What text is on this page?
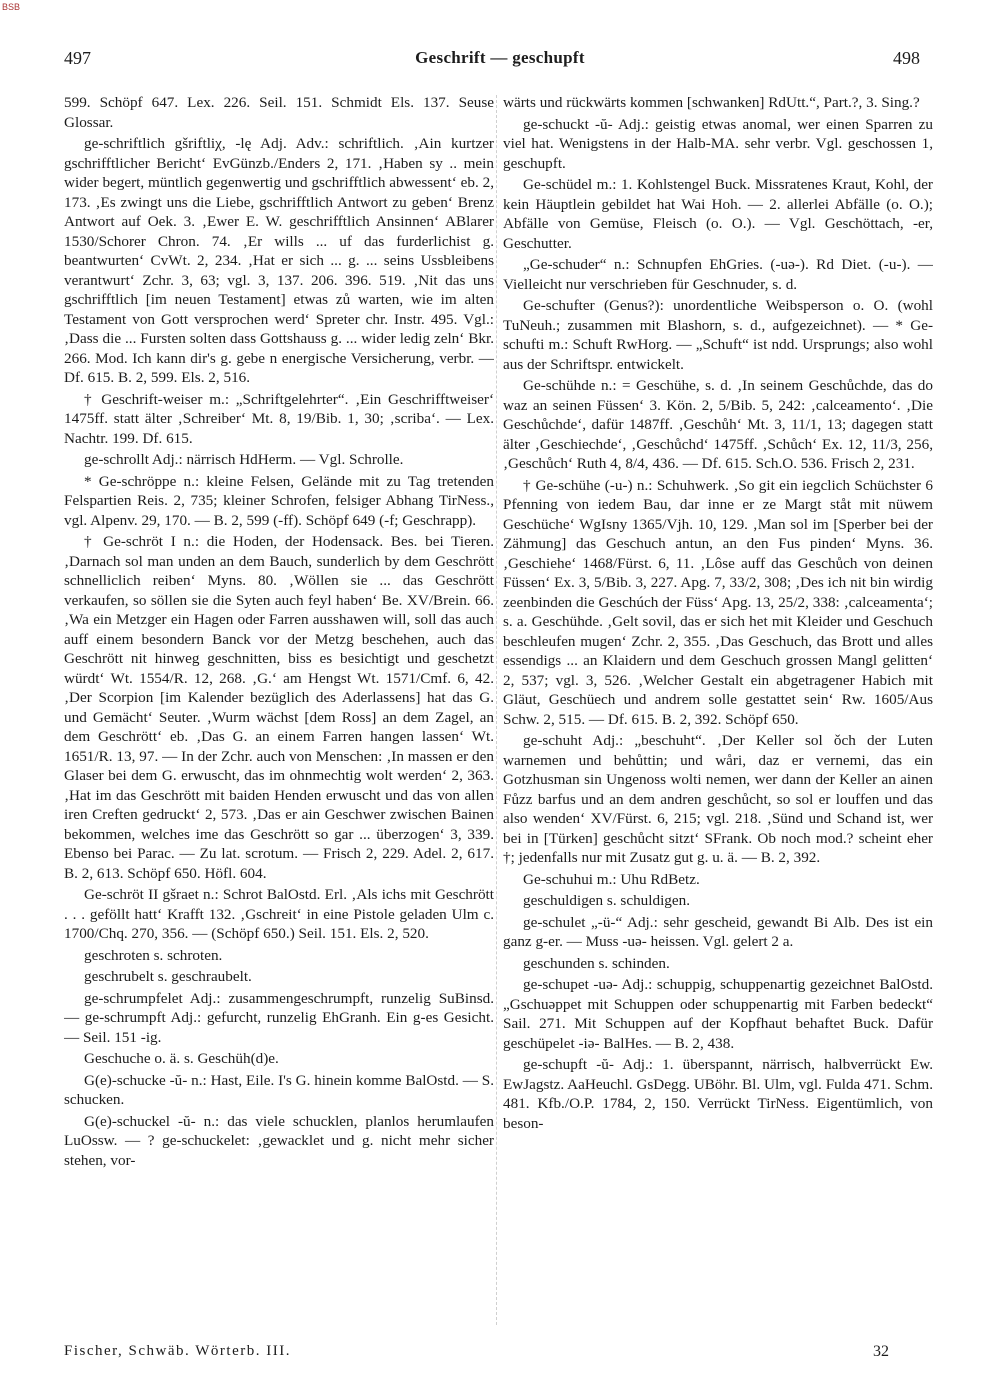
BSB
497	Geschrift — geschupft	498

599. Schöpf 647. Lex. 226. Seil. 151. Schmidt Els. 137. Seuse Glossar.

ge-schriftlich gšriftliχ, -lę Adj. Adv.: schriftlich. ‚Ain kurtzer gschrifftlicher Bericht‘ EvGünzb./Enders 2, 171. ‚Haben sy .. mein wider begert, müntlich gegenwertig und gschrifftlich abwessent‘ eb. 2, 173. ‚Es zwingt uns die Liebe, gschrifftlich Antwort zu geben‘ Brenz Antwort auf Oek. 3. ‚Ewer E. W. geschrifftlich Ansinnen‘ ABlarer 1530/Schorer Chron. 74. ‚Er wills ... uf das furderlichist g. beantwurten‘ CvWt. 2, 234. ‚Hat er sich ... g. ... seins Ussbleibens verantwurt‘ Zchr. 3, 63; vgl. 3, 137. 206. 396. 519. ‚Nit das uns gschrifftlich [im neuen Testament] etwas zů warten, wie im alten Testament von Gott versprochen werd‘ Spreter chr. Instr. 495. Vgl.: ‚Dass die ... Fursten solten dass Gottshauss g. ... wider ledig zeln‘ Bkr. 266. Mod. Ich kann dir's g. gebe n energische Versicherung, verbr. — Df. 615. B. 2, 599. Els. 2, 516.

† Geschrift-weiser m.: „Schriftgelehrter“. ‚Ein Geschrifftweiser‘ 1475ff. statt älter ‚Schreiber‘ Mt. 8, 19/Bib. 1, 30; ‚scriba‘. — Lex. Nachtr. 199. Df. 615.

ge-schrollt Adj.: närrisch HdHerm. — Vgl. Schrolle.

* Ge-schröppe n.: kleine Felsen, Gelände mit zu Tag tretenden Felspartien Reis. 2, 735; kleiner Schrofen, felsiger Abhang TirNess., vgl. Alpenv. 29, 170. — B. 2, 599 (-ff). Schöpf 649 (-f; Geschrapp).

† Ge-schröt I n.: die Hoden, der Hodensack. Bes. bei Tieren. ‚Darnach sol man unden an dem Bauch, sunderlich by dem Geschrött schnelliclich reiben‘ Myns. 80. ‚Wöllen sie ... das Geschrött verkaufen, so söllen sie die Syten auch feyl haben‘ Be. XV/Brein. 66. ‚Wa ein Metzger ein Hagen oder Farren ausshawen will, soll das auch auff einem besondern Banck vor der Metzg beschehen, auch das Geschrött nit hinweg geschnitten, biss es besichtigt und geschetzt würdt‘ Wt. 1554/R. 12, 268. ‚G.‘ am Hengst Wt. 1571/Cmf. 6, 42. ‚Der Scorpion [im Kalender bezüglich des Aderlassens] hat das G. und Gemächt‘ Seuter. ‚Wurm wächst [dem Ross] an dem Zagel, an dem Geschrött‘ eb. ‚Das G. an einem Farren hangen lassen‘ Wt. 1651/R. 13, 97. — In der Zchr. auch von Menschen: ‚In massen er den Glaser bei dem G. erwuscht, das im ohnmechtig wolt werden‘ 2, 363. ‚Hat im das Geschrött mit baiden Henden erwuscht und das von allen iren Creften gedruckt‘ 2, 573. ‚Das er ain Geschwer zwischen Bainen bekommen, welches ime das Geschrött so gar ... überzogen‘ 3, 339. Ebenso bei Parac. — Zu lat. scrotum. — Frisch 2, 229. Adel. 2, 617. B. 2, 613. Schöpf 650. Höfl. 604.

Ge-schröt II gšraet n.: Schrot BalOstd. Erl. ‚Als ichs mit Geschrött . . . geföllt hatt‘ Krafft 132. ‚Gschreit‘ in eine Pistole geladen Ulm c. 1700/Chq. 270, 356. — (Schöpf 650.) Seil. 151. Els. 2, 520.

geschroten s. schroten.

geschrubelt s. geschraubelt.

ge-schrumpfelet Adj.: zusammengeschrumpft, runzelig SuBinsd. — ge-schrumpft Adj.: gefurcht, runzelig EhGranh. Ein g-es Gesicht. — Seil. 151 -ig.

Geschuche o. ä. s. Geschüh(d)e.

G(e)-schucke -ŭ- n.: Hast, Eile. I's G. hinein komme BalOstd. — S. schucken.

G(e)-schuckel -ŭ- n.: das viele schucklen, planlos herumlaufen LuOssw. — ? ge-schuckelet: ‚gewacklet und g. nicht mehr sicher stehen, vor-

wärts und rückwärts kommen [schwanken] RdUtt.“, Part.?, 3. Sing.?

ge-schuckt -ŭ- Adj.: geistig etwas anomal, wer einen Sparren zu viel hat. Wenigstens in der Halb-MA. sehr verbr. Vgl. geschossen 1, geschupft.

Ge-schüdel m.: 1. Kohlstengel Buck. Missratenes Kraut, Kohl, der kein Häuptlein gebildet hat Wai Hoh. — 2. allerlei Abfälle (o. O.); Abfälle von Gemüse, Fleisch (o. O.). — Vgl. Geschöttach, -er, Geschutter.

„Ge-schuder“ n.: Schnupfen EhGries. (-uə-). Rd Diet. (-u-). — Vielleicht nur verschrieben für Geschnuder, s. d.

Ge-schufter (Genus?): unordentliche Weibsperson o. O. (wohl TuNeuh.; zusammen mit Blashorn, s. d., aufgezeichnet). — * Ge-schufti m.: Schuft RwHorg. — „Schuft“ ist ndd. Ursprungs; also wohl aus der Schriftspr. entwickelt.

Ge-schühde n.: = Geschühe, s. d. ‚In seinem Geschůchde, das do waz an seinen Füssen‘ 3. Kön. 2, 5/Bib. 5, 242: ‚calceamento‘. ‚Die Geschůchde‘, dafür 1487ff. ‚Geschůh‘ Mt. 3, 11/1, 13; dagegen statt älter ‚Geschiechde‘, ‚Geschůchd‘ 1475ff. ‚Schůch‘ Ex. 12, 11/3, 256, ‚Geschůch‘ Ruth 4, 8/4, 436. — Df. 615. Sch.O. 536. Frisch 2, 231.

† Ge-schühe (-u-) n.: Schuhwerk. ‚So git ein iegclich Schüchster 6 Pfenning von iedem Bau, dar inne er ze Margt ståt mit nüwem Geschüche‘ WgIsny 1365/Vjh. 10, 129. ‚Man sol im [Sperber bei der Zähmung] das Geschuch antun, an den Fus pinden‘ Myns. 36. ‚Geschiehe‘ 1468/Fürst. 6, 11. ‚Lôse auff das Geschůch von deinen Füssen‘ Ex. 3, 5/Bib. 3, 227. Apg. 7, 33/2, 308; ‚Des ich nit bin wirdig zeenbinden die Geschúch der Füss‘ Apg. 13, 25/2, 338: ‚calceamenta‘; s. a. Geschühde. ‚Gelt sovil, das er sich het mit Kleider und Geschuch beschleufen mugen‘ Zchr. 2, 355. ‚Das Geschuch, das Brott und alles essendigs ... an Klaidern und dem Geschuch grossen Mangl gelitten‘ 2, 537; vgl. 3, 526. ‚Welcher Gestalt ein abgetragener Habich mit Gläut, Geschüech und andrem solle gestattet sein‘ Rw. 1605/Aus Schw. 2, 515. — Df. 615. B. 2, 392. Schöpf 650.

ge-schuht Adj.: „beschuht“. ‚Der Keller sol ǒch der Luten warnemen und behůttin; und wåri, daz er vernemi, das ein Gotzhusman sin Ungenoss wolti nemen, wer dann der Keller an ainen Fůzz barfus und an dem andren geschůcht, so sol er louffen und das also wenden‘ XV/Fürst. 6, 215; vgl. 218. ‚Sünd und Schand ist, wer bei in [Türken] geschůcht sitzt‘ SFrank. Ob noch mod.? scheint eher †; jedenfalls nur mit Zusatz gut g. u. ä. — B. 2, 392.

Ge-schuhui m.: Uhu RdBetz.

geschuldigen s. schuldigen.

ge-schulet „-ü-“ Adj.: sehr gescheid, gewandt Bi Alb. Des ist ein ganz g-er. — Muss -uə- heissen. Vgl. gelert 2 a.

geschunden s. schinden.

ge-schupet -uə- Adj.: schuppig, schuppenartig gezeichnet BalOstd. „Gschuəppet mit Schuppen oder schuppenartig mit Farben bedeckt“ Sail. 271. Mit Schuppen auf der Kopfhaut behaftet Buck. Dafür geschüpelet -iə- BalHes. — B. 2, 438.

ge-schupft -ŭ- Adj.: 1. überspannt, närrisch, halbverrückt Ew. EwJagstz. AaHeuchl. GsDegg. UBöhr. Bl. Ulm, vgl. Fulda 471. Schm. 481. Kfb./O.P. 1784, 2, 150. Verrückt TirNess. Eigentümlich, von beson-

Fischer, Schwäb. Wörterb. III.	32
